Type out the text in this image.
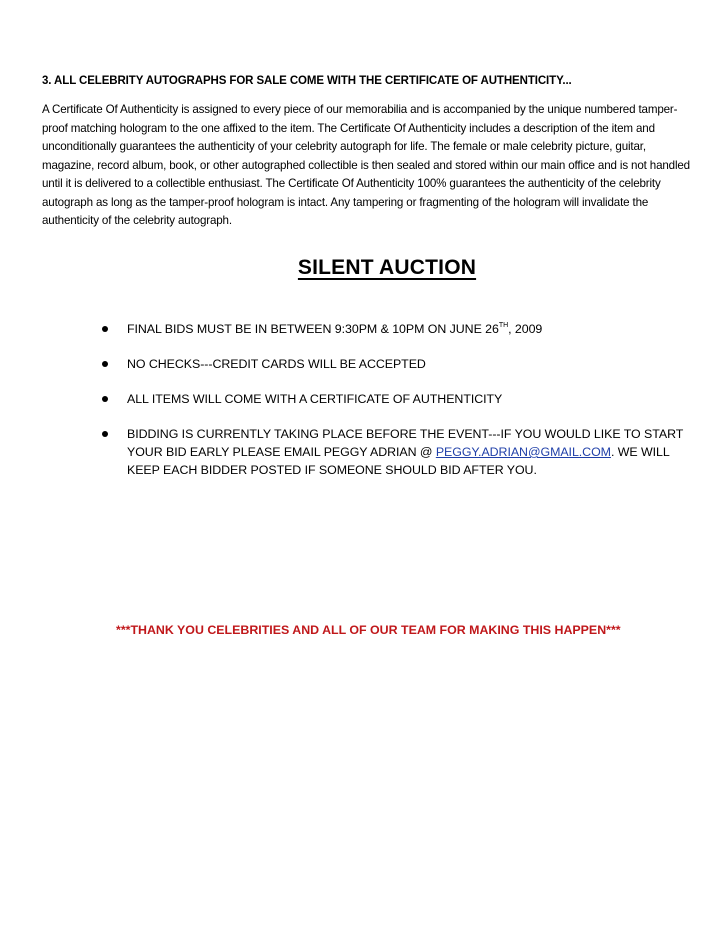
3. ALL CELEBRITY AUTOGRAPHS FOR SALE COME WITH THE CERTIFICATE OF AUTHENTICITY...
A Certificate Of Authenticity is assigned to every piece of our memorabilia and is accompanied by the unique numbered tamper-proof matching hologram to the one affixed to the item. The Certificate Of Authenticity includes a description of the item and unconditionally guarantees the authenticity of your celebrity autograph for life. The female or male celebrity picture, guitar, magazine, record album, book, or other autographed collectible is then sealed and stored within our main office and is not handled until it is delivered to a collectible enthusiast. The Certificate Of Authenticity 100% guarantees the authenticity of the celebrity autograph as long as the tamper-proof hologram is intact. Any tampering or fragmenting of the hologram will invalidate the authenticity of the celebrity autograph.
SILENT AUCTION
FINAL BIDS MUST BE IN BETWEEN 9:30PM & 10PM ON JUNE 26TH, 2009
NO CHECKS---CREDIT CARDS WILL BE ACCEPTED
ALL ITEMS WILL COME WITH A CERTIFICATE OF AUTHENTICITY
BIDDING IS CURRENTLY TAKING PLACE BEFORE THE EVENT---IF YOU WOULD LIKE TO START YOUR BID EARLY PLEASE EMAIL PEGGY ADRIAN @ PEGGY.ADRIAN@GMAIL.COM. WE WILL KEEP EACH BIDDER POSTED IF SOMEONE SHOULD BID AFTER YOU.
***THANK YOU CELEBRITIES AND ALL OF OUR TEAM FOR MAKING THIS HAPPEN***
